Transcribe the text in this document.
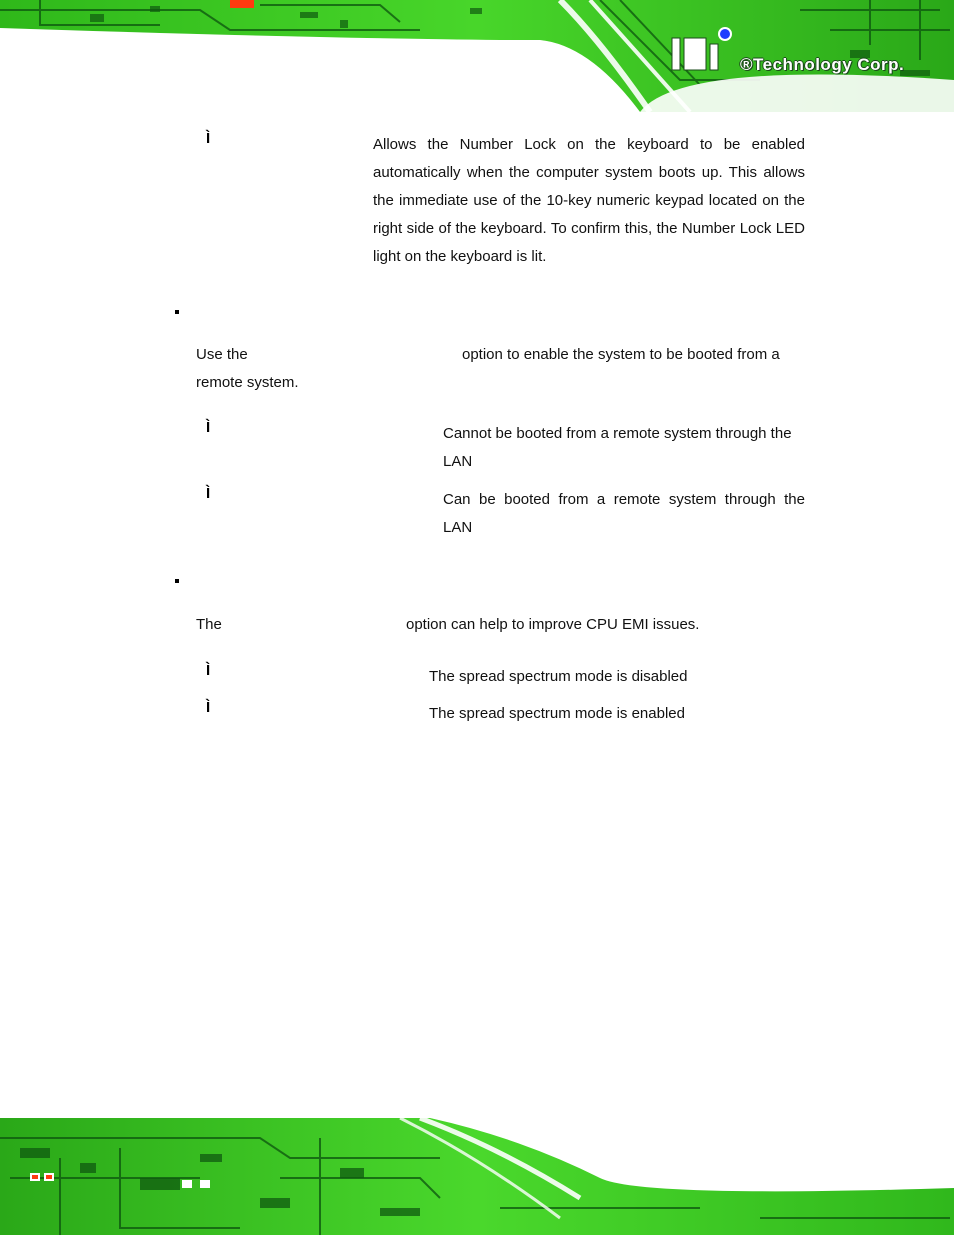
®Technology Corp.
Ì	Allows the Number Lock on the keyboard to be enabled automatically when the computer system boots up. This allows the immediate use of the 10-key numeric keypad located on the right side of the keyboard. To confirm this, the Number Lock LED light on the keyboard is lit.

Use the	option to enable the system to be booted from a
remote system.
Ì	Cannot be booted from a remote system through the
LAN
Ì	Can be booted from a remote system through the
LAN
The	option can help to improve CPU EMI issues.
Ì	The spread spectrum mode is disabled
Ì	The spread spectrum mode is enabled
